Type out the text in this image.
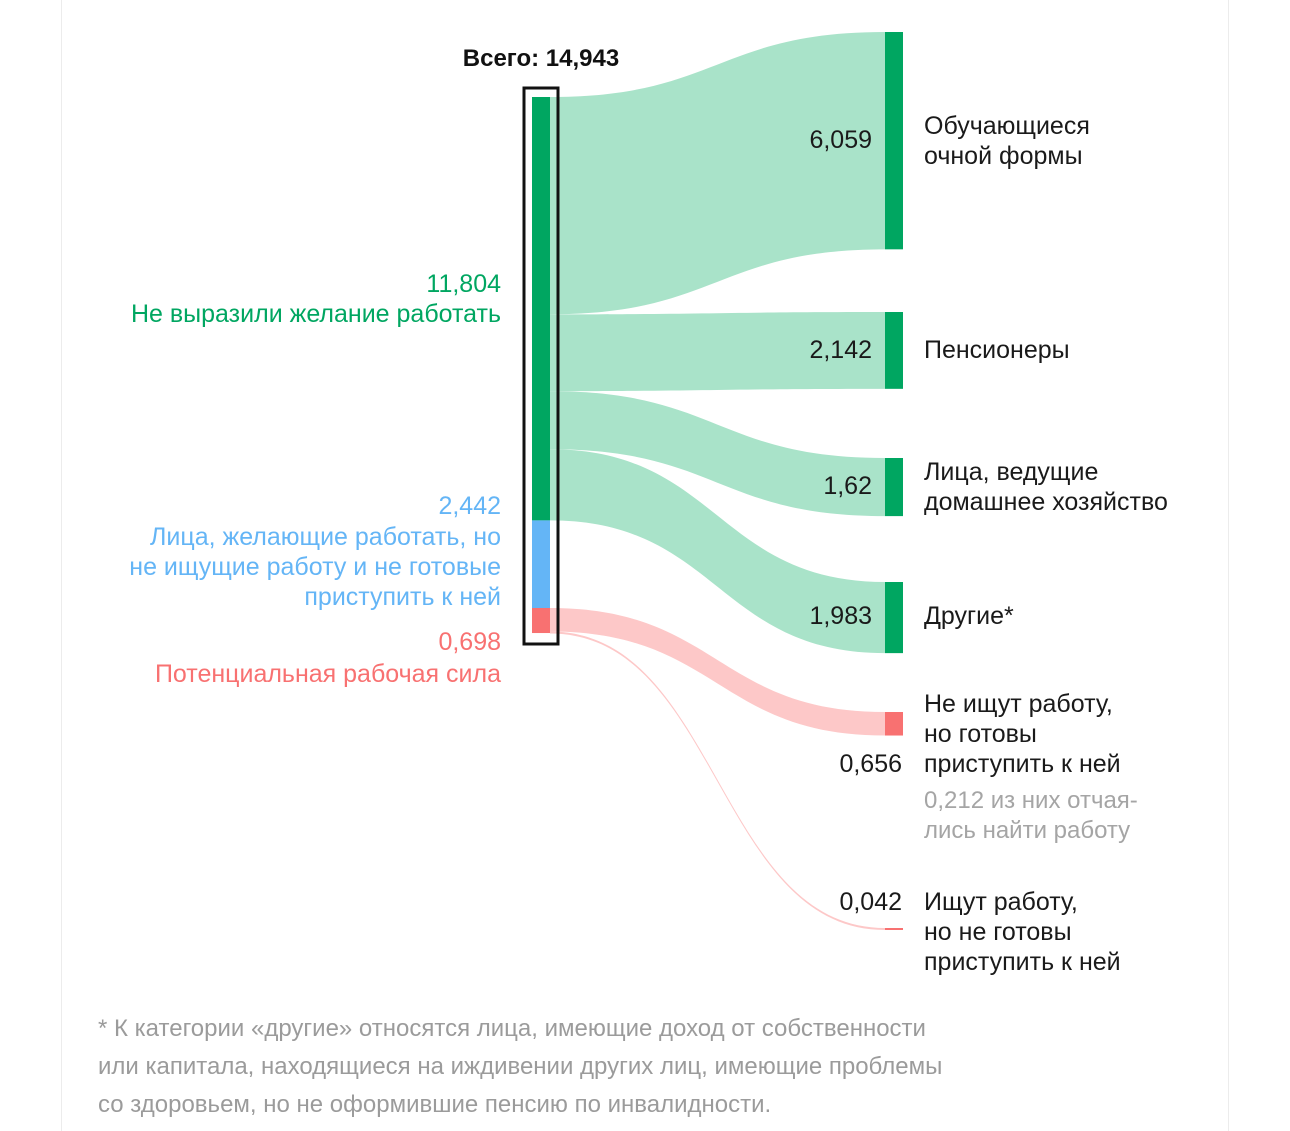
Всего: 14,943
11,804
Не выразили желание работать
2,442
Лица, желающие работать, но
не ищущие работу и не готовые
приступить к ней
0,698
Потенциальная рабочая сила
6,059 Обучающиеся
очной формы
2,142 Пенсионеры
1,62 Лица, ведущие
домашнее хозяйство
1,983 Другие*
0,656
Не ищут работу,
но готовы
приступить к ней
0,212 из них отчая-
лись найти работу
0,042 Ищут работу,
но не готовы
приступить к ней
* К категории «другие» относятся лица, имеющие доход от собственности
или капитала, находящиеся на иждивении других лиц, имеющие проблемы
со здоровьем, но не оформившие пенсию по инвалидности.
